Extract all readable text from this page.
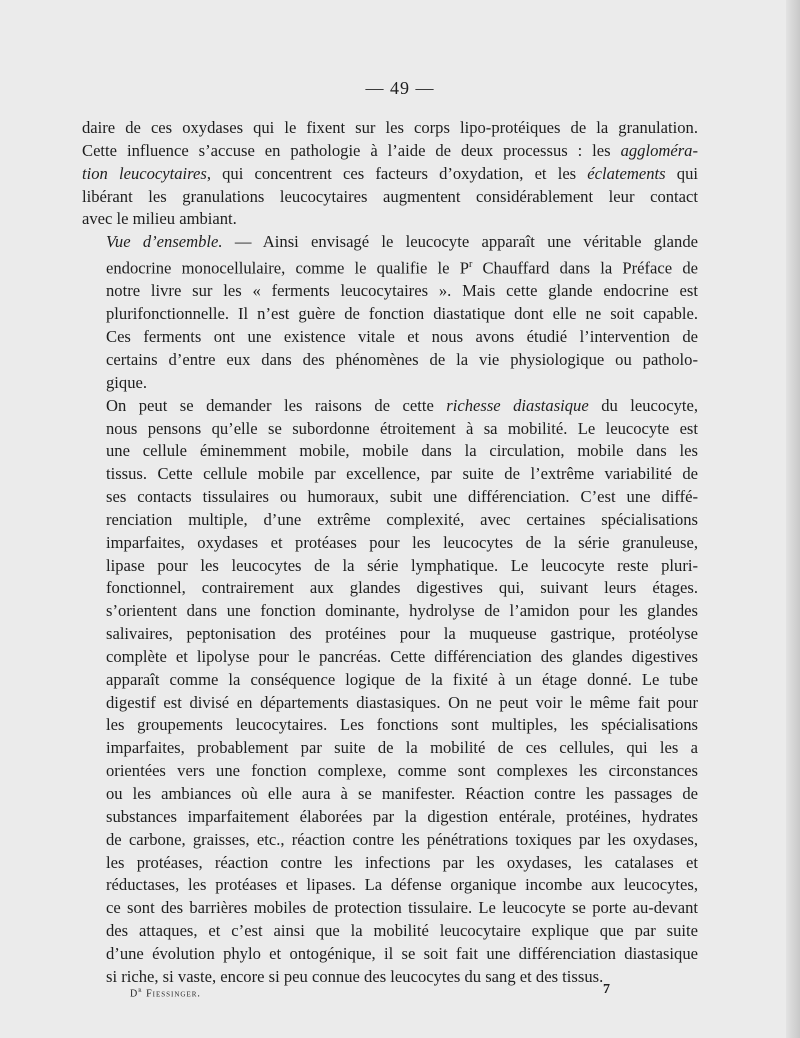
— 49 —

daire de ces oxydases qui le fixent sur les corps lipo-protéiques de la granulation.
Cette influence s’accuse en pathologie à l’aide de deux processus : les aggloméra-
tion leucocytaires, qui concentrent ces facteurs d’oxydation, et les éclatements qui
libérant les granulations leucocytaires augmentent considérablement leur contact
avec le milieu ambiant.

Vue d’ensemble. — Ainsi envisagé le leucocyte apparaît une véritable glande
endocrine monocellulaire, comme le qualifie le $P^r$ Chauffard dans la Préface de
notre livre sur les « ferments leucocytaires ». Mais cette glande endocrine est
plurifonctionnelle. Il n’est guère de fonction diastatique dont elle ne soit capable.
Ces ferments ont une existence vitale et nous avons étudié l’intervention de
certains d’entre eux dans des phénomènes de la vie physiologique ou patholo-
gique.

On peut se demander les raisons de cette richesse diastasique du leucocyte,
nous pensons qu’elle se subordonne étroitement à sa mobilité. Le leucocyte est
une cellule éminemment mobile, mobile dans la circulation, mobile dans les
tissus. Cette cellule mobile par excellence, par suite de l’extrême variabilité de
ses contacts tissulaires ou humoraux, subit une différenciation. C’est une diffé-
renciation multiple, d’une extrême complexité, avec certaines spécialisations
imparfaites, oxydases et protéases pour les leucocytes de la série granuleuse,
lipase pour les leucocytes de la série lymphatique. Le leucocyte reste pluri-
fonctionnel, contrairement aux glandes digestives qui, suivant leurs étages.
s’orientent dans une fonction dominante, hydrolyse de l’amidon pour les glandes
salivaires, peptonisation des protéines pour la muqueuse gastrique, protéolyse
complète et lipolyse pour le pancréas. Cette différenciation des glandes digestives
apparaît comme la conséquence logique de la fixité à un étage donné. Le tube
digestif est divisé en départements diastasiques. On ne peut voir le même fait pour
les groupements leucocytaires. Les fonctions sont multiples, les spécialisations
imparfaites, probablement par suite de la mobilité de ces cellules, qui les a
orientées vers une fonction complexe, comme sont complexes les circonstances
ou les ambiances où elle aura à se manifester. Réaction contre les passages de
substances imparfaitement élaborées par la digestion entérale, protéines, hydrates
de carbone, graisses, etc., réaction contre les pénétrations toxiques par les oxydases,
les protéases, réaction contre les infections par les oxydases, les catalases et
réductases, les protéases et lipases. La défense organique incombe aux leucocytes,
ce sont des barrières mobiles de protection tissulaire. Le leucocyte se porte au-devant
des attaques, et c’est ainsi que la mobilité leucocytaire explique que par suite
d’une évolution phylo et ontogénique, il se soit fait une différenciation diastasique
si riche, si vaste, encore si peu connue des leucocytes du sang et des tissus.

$D^r$ Fiessinger.	7
